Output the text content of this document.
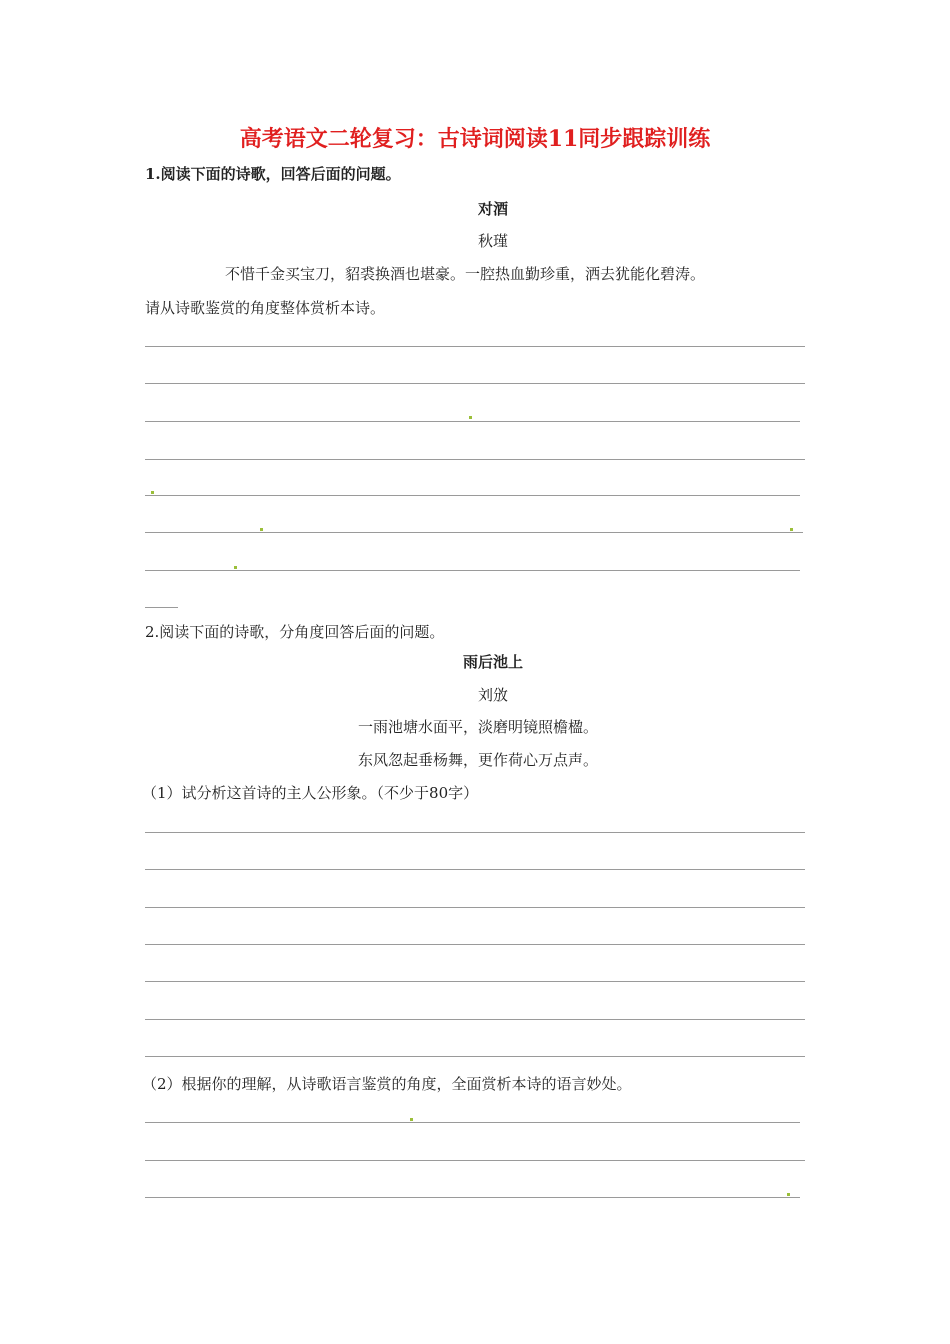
高考语文二轮复习：古诗词阅读11同步跟踪训练
1.阅读下面的诗歌，回答后面的问题。
对酒
秋瑾
不惜千金买宝刀，貂裘换酒也堪豪。一腔热血勤珍重，洒去犹能化碧涛。
请从诗歌鉴赏的角度整体赏析本诗。
2.阅读下面的诗歌，分角度回答后面的问题。
雨后池上
刘攽
一雨池塘水面平，淡磨明镜照檐楹。
东风忽起垂杨舞，更作荷心万点声。
（1）试分析这首诗的主人公形象。（不少于80字）
（2）根据你的理解，从诗歌语言鉴赏的角度，全面赏析本诗的语言妙处。
